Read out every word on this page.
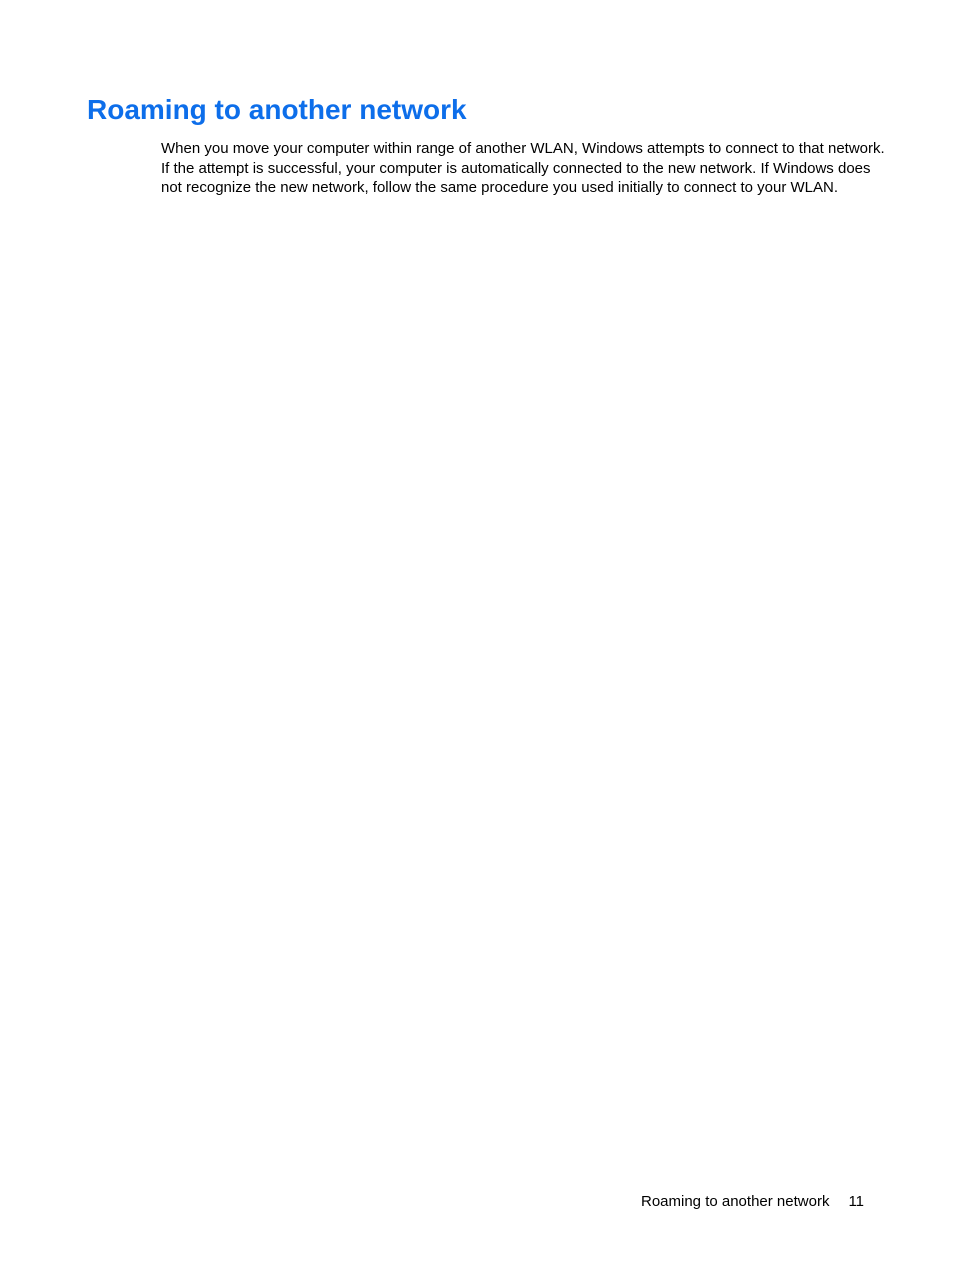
Roaming to another network

When you move your computer within range of another WLAN, Windows attempts to connect to that network. If the attempt is successful, your computer is automatically connected to the new network. If Windows does not recognize the new network, follow the same procedure you used initially to connect to your WLAN.

Roaming to another network 11
